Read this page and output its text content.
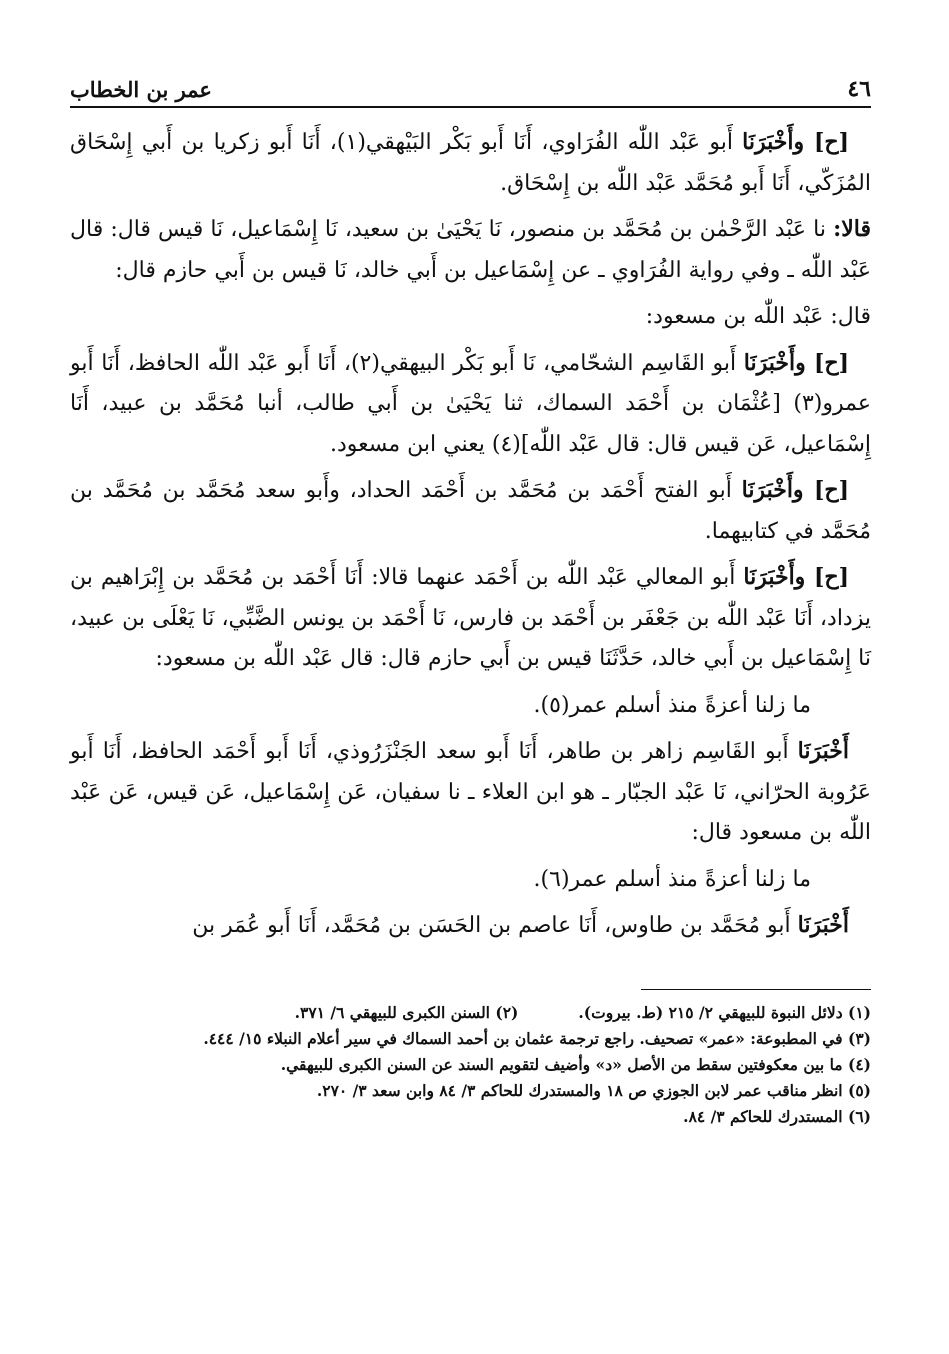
٤٦
عمر بن الخطاب

[ح] وأَخْبَرَنَا أَبو عَبْد اللّٰه الفُرَاوي، أَنَا أَبو بَكْر البَيْهقي(١)، أَنَا أَبو زكريا بن أَبي إِسْحَاق المُزَكّي، أَنَا أَبو مُحَمَّد عَبْد اللّٰه بن إِسْحَاق.

قالا: نا عَبْد الرَّحْمٰن بن مُحَمَّد بن منصور، نَا يَحْيَىٰ بن سعيد، نَا إِسْمَاعيل، نَا قيس قال: قال عَبْد اللّٰه ـ وفي رواية الفُرَاوي ـ عن إِسْمَاعيل بن أَبي خالد، نَا قيس بن أَبي حازم قال:

قال: عَبْد اللّٰه بن مسعود:

[ح] وأَخْبَرَنَا أَبو القَاسِم الشحّامي، نَا أَبو بَكْر البيهقي(٢)، أَنَا أَبو عَبْد اللّٰه الحافظ، أَنَا أَبو عمرو(٣) [عُثْمَان بن أَحْمَد السماك، ثنا يَحْيَىٰ بن أَبي طالب، أنبا مُحَمَّد بن عبيد، أَنَا إِسْمَاعيل، عَن قيس قال: قال عَبْد اللّٰه](٤) يعني ابن مسعود.

[ح] وأَخْبَرَنَا أَبو الفتح أَحْمَد بن مُحَمَّد بن أَحْمَد الحداد، وأَبو سعد مُحَمَّد بن مُحَمَّد بن مُحَمَّد في كتابيهما.

[ح] وأَخْبَرَنَا أَبو المعالي عَبْد اللّٰه بن أَحْمَد عنهما قالا: أَنَا أَحْمَد بن مُحَمَّد بن إِبْرَاهيم بن يزداد، أَنَا عَبْد اللّٰه بن جَعْفَر بن أَحْمَد بن فارس، نَا أَحْمَد بن يونس الضَّبِّي، نَا يَعْلَى بن عبيد، نَا إِسْمَاعيل بن أَبي خالد، حَدَّثَنَا قيس بن أَبي حازم قال: قال عَبْد اللّٰه بن مسعود:

ما زلنا أعزةً منذ أسلم عمر(٥).

أَخْبَرَنَا أَبو القَاسِم زاهر بن طاهر، أَنَا أَبو سعد الجَنْزَرُوذي، أَنَا أَبو أَحْمَد الحافظ، أَنَا أَبو عَرُوبة الحرّاني، نَا عَبْد الجبّار ـ هو ابن العلاء ـ نا سفيان، عَن إِسْمَاعيل، عَن قيس، عَن عَبْد اللّٰه بن مسعود قال:

ما زلنا أعزةً منذ أسلم عمر(٦).

أَخْبَرَنَا أَبو مُحَمَّد بن طاوس، أَنَا عاصم بن الحَسَن بن مُحَمَّد، أَنَا أَبو عُمَر بن

(١) دلائل النبوة للبيهقي ٢/ ٢١٥ (ط. بيروت).

(٢) السنن الكبرى للبيهقي ٦/ ٣٧١.

(٣) في المطبوعة: «عمر» تصحيف. راجع ترجمة عثمان بن أحمد السماك في سير أعلام النبلاء ١٥/ ٤٤٤.

(٤) ما بين معكوفتين سقط من الأصل «د» وأضيف لتقويم السند عن السنن الكبرى للبيهقي.

(٥) انظر مناقب عمر لابن الجوزي ص ١٨ والمستدرك للحاكم ٣/ ٨٤ وابن سعد ٣/ ٢٧٠.

(٦) المستدرك للحاكم ٣/ ٨٤.
